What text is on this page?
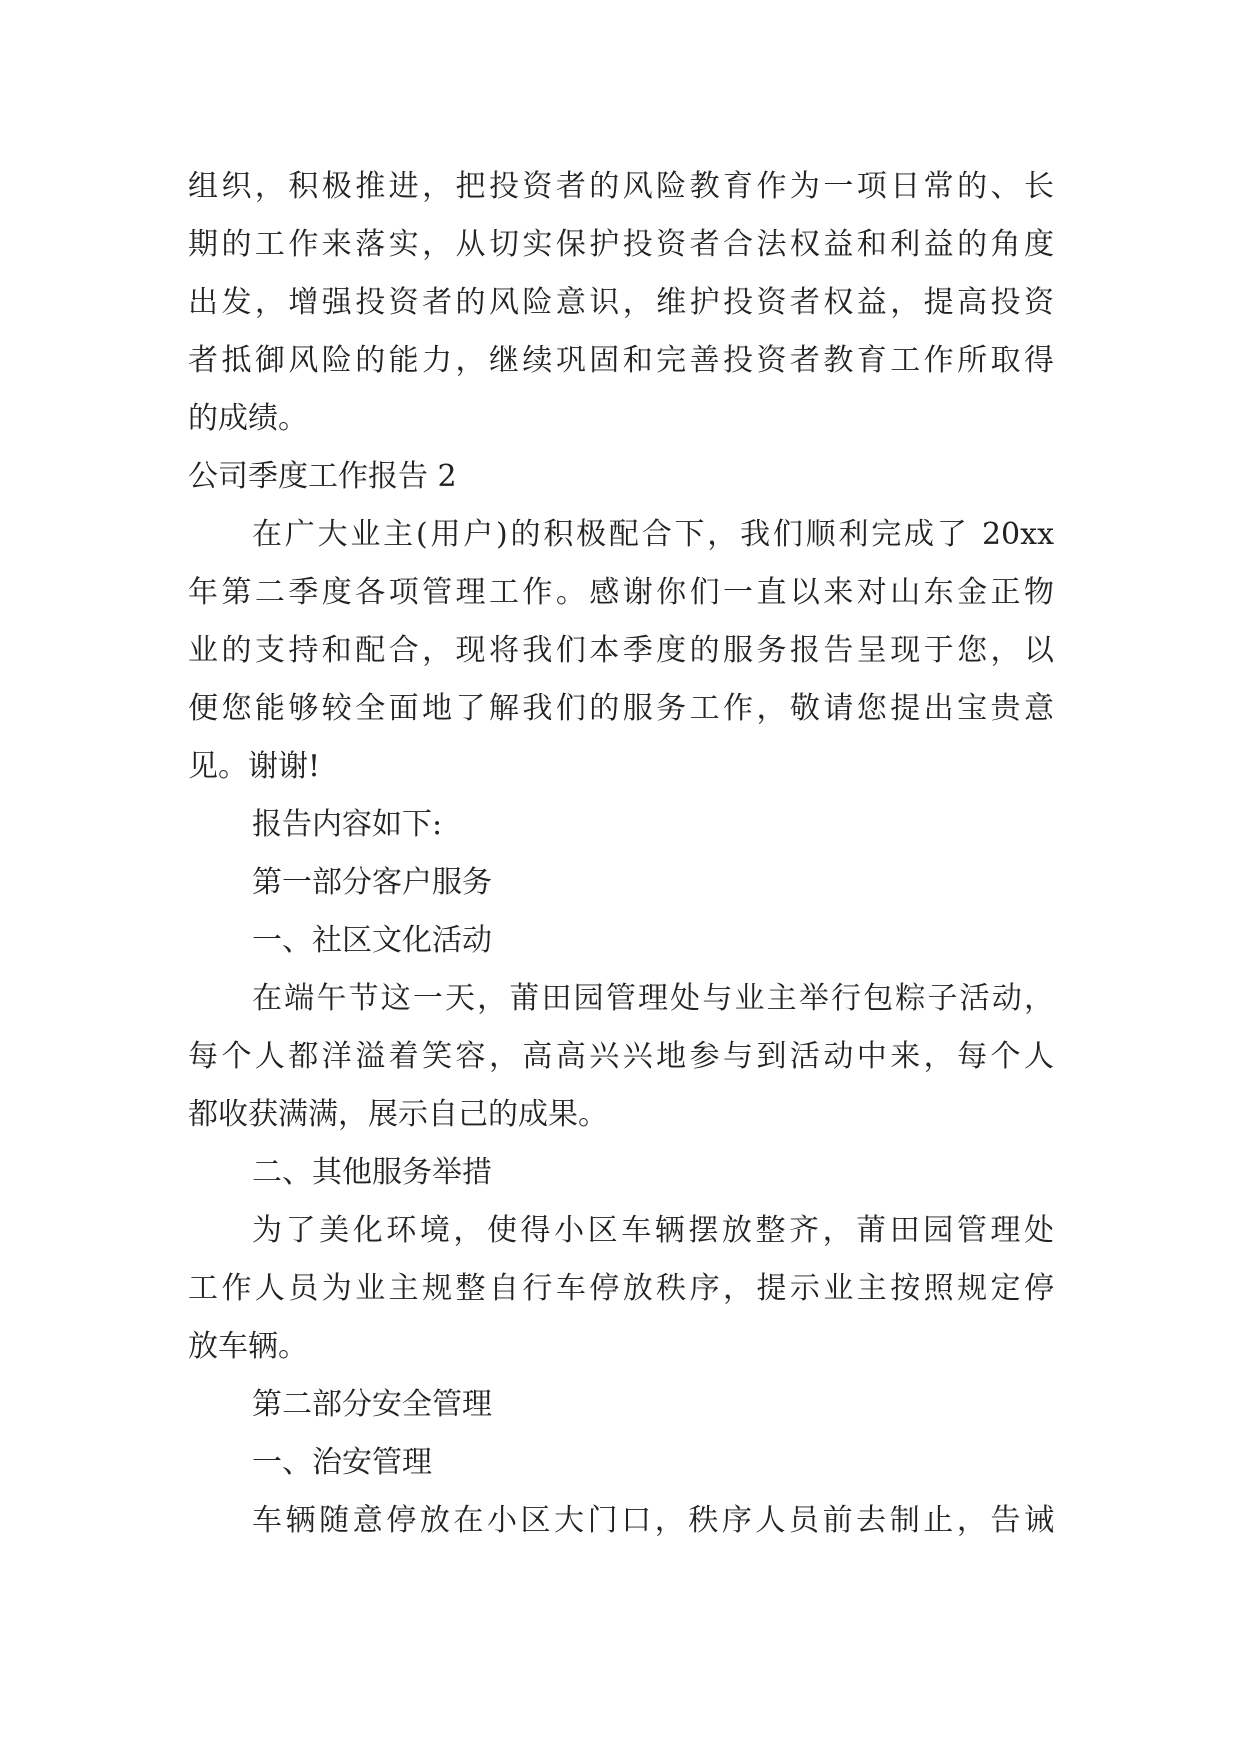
组织，积极推进，把投资者的风险教育作为一项日常的、长
期的工作来落实，从切实保护投资者合法权益和利益的角度
出发，增强投资者的风险意识，维护投资者权益，提高投资
者抵御风险的能力，继续巩固和完善投资者教育工作所取得
的成绩。
公司季度工作报告 2
在广大业主(用户)的积极配合下，我们顺利完成了 20xx
年第二季度各项管理工作。感谢你们一直以来对山东金正物
业的支持和配合，现将我们本季度的服务报告呈现于您，以
便您能够较全面地了解我们的服务工作，敬请您提出宝贵意
见。谢谢!
报告内容如下:
第一部分客户服务
一、社区文化活动
在端午节这一天，莆田园管理处与业主举行包粽子活动，
每个人都洋溢着笑容，高高兴兴地参与到活动中来，每个人
都收获满满，展示自己的成果。
二、其他服务举措
为了美化环境，使得小区车辆摆放整齐，莆田园管理处
工作人员为业主规整自行车停放秩序，提示业主按照规定停
放车辆。
第二部分安全管理
一、治安管理
车辆随意停放在小区大门口，秩序人员前去制止，告诫
